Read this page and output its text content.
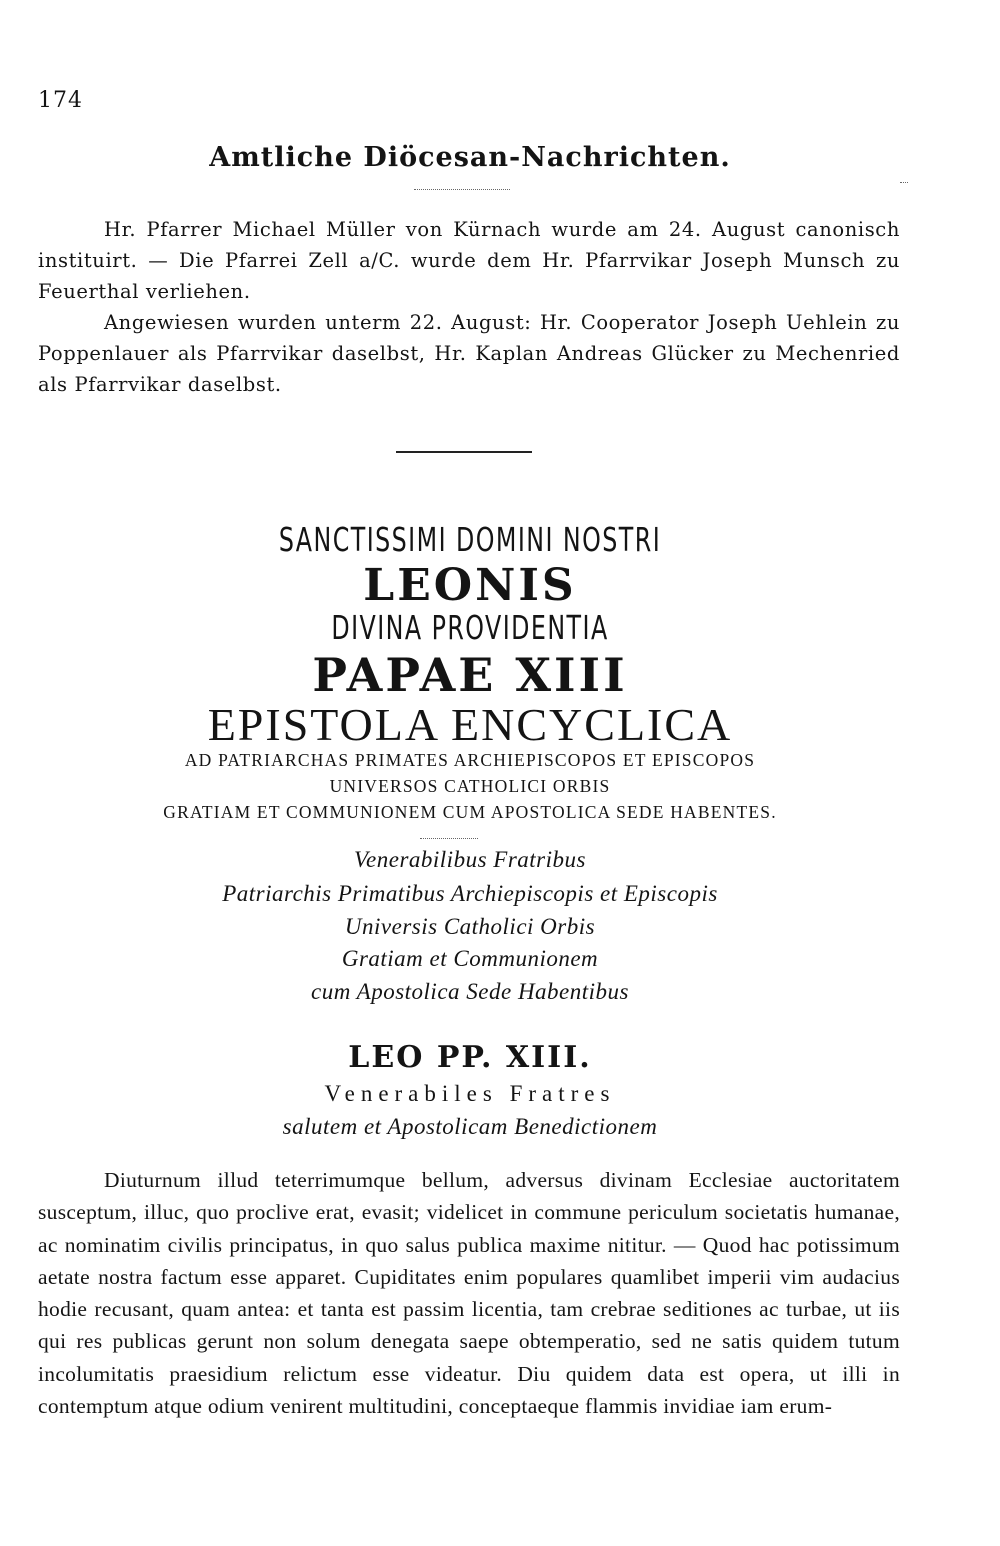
174
Amtliche Diöcesan-Nachrichten.

Hr. Pfarrer Michael Müller von Kürnach wurde am 24. August canonisch instituirt. — Die Pfarrei Zell a/C. wurde dem Hr. Pfarrvikar Joseph Munsch zu Feuerthal verliehen.

Angewiesen wurden unterm 22. August: Hr. Cooperator Joseph Uehlein zu Poppenlauer als Pfarrvikar daselbst, Hr. Kaplan Andreas Glücker zu Mechenried als Pfarrvikar daselbst.

SANCTISSIMI DOMINI NOSTRI
LEONIS
DIVINA PROVIDENTIA
PAPAE XIII
EPISTOLA ENCYCLICA
AD PATRIARCHAS PRIMATES ARCHIEPISCOPOS ET EPISCOPOS
UNIVERSOS CATHOLICI ORBIS
GRATIAM ET COMMUNIONEM CUM APOSTOLICA SEDE HABENTES.
Venerabilibus Fratribus
Patriarchis Primatibus Archiepiscopis et Episcopis
Universis Catholici Orbis
Gratiam et Communionem
cum Apostolica Sede Habentibus
LEO PP. XIII.
Venerabiles Fratres
salutem et Apostolicam Benedictionem

Diuturnum illud teterrimumque bellum, adversus divinam Ecclesiae auctoritatem susceptum, illuc, quo proclive erat, evasit; videlicet in commune periculum societatis humanae, ac nominatim civilis principatus, in quo salus publica maxime nititur. — Quod hac potissimum aetate nostra factum esse apparet. Cupiditates enim populares quamlibet imperii vim audacius hodie recusant, quam antea: et tanta est passim licentia, tam crebrae seditiones ac turbae, ut iis qui res publicas gerunt non solum denegata saepe obtemperatio, sed ne satis quidem tutum incolumitatis praesidium relictum esse videatur. Diu quidem data est opera, ut illi in contemptum atque odium venirent multitudini, conceptaeque flammis invidiae iam erum-
